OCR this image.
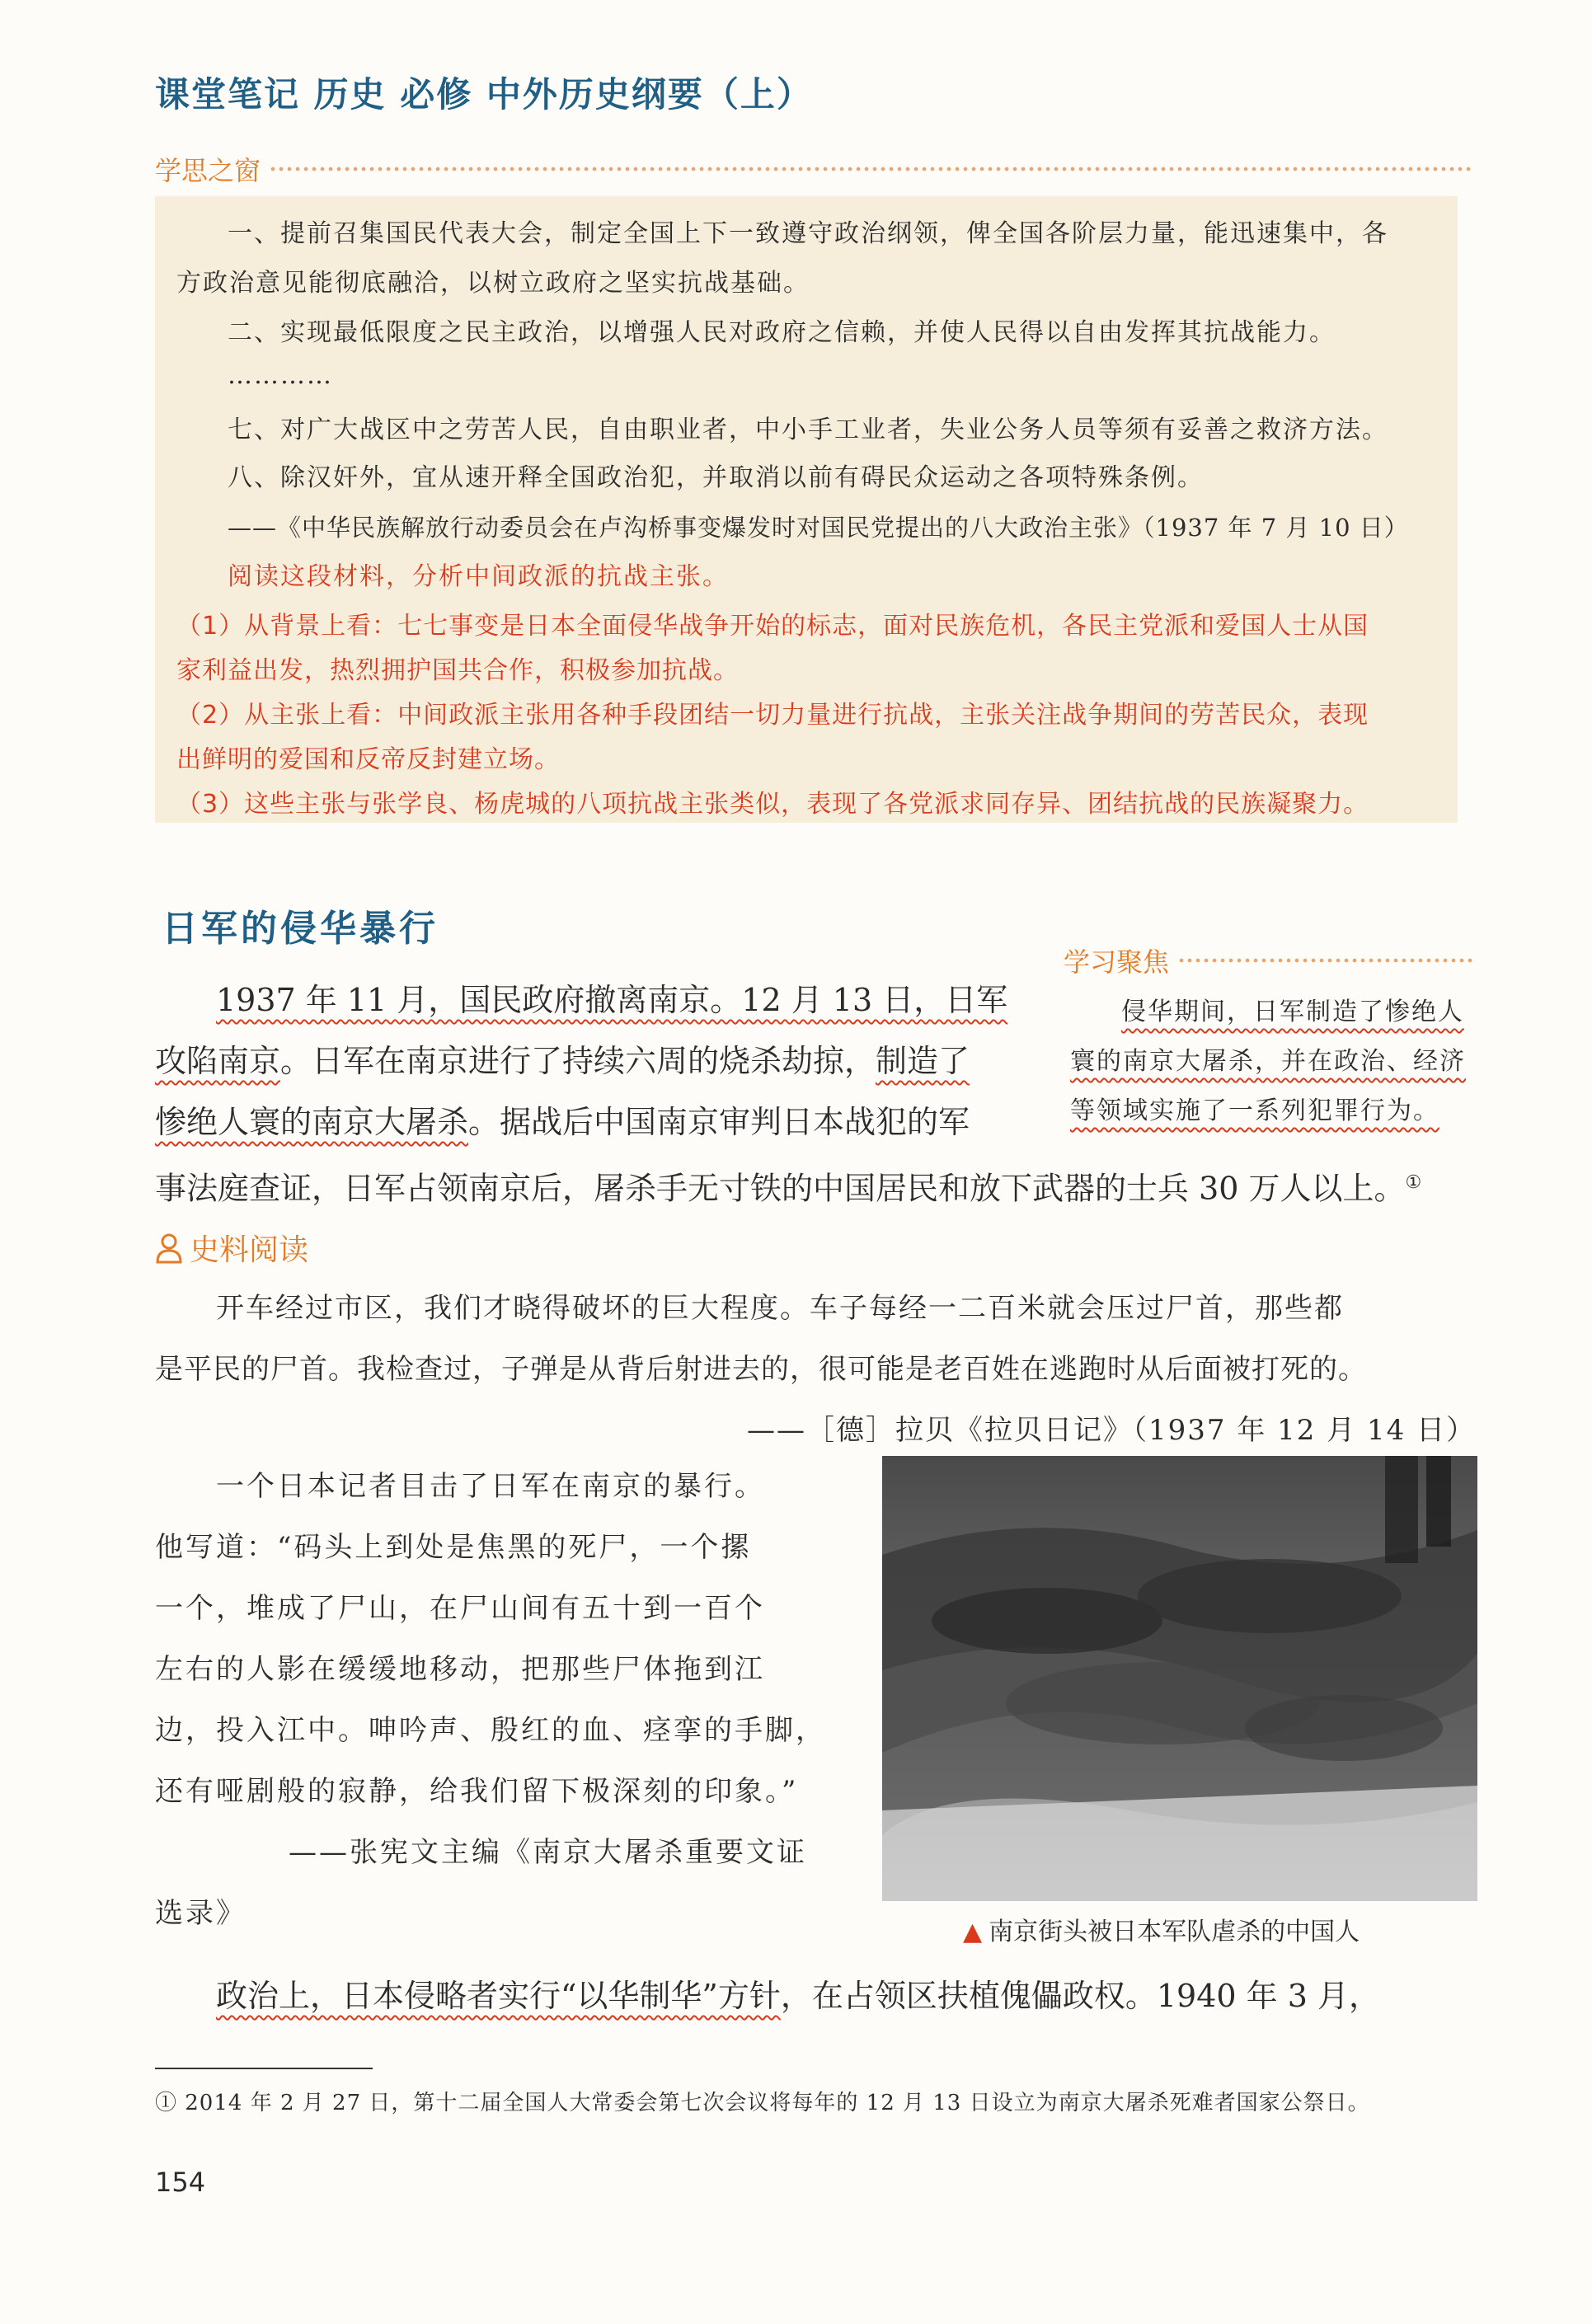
课堂笔记 历史 必修 中外历史纲要（上）
学思之窗

一、提前召集国民代表大会，制定全国上下一致遵守政治纲领，俾全国各阶层力量，能迅速集中，各

方政治意见能彻底融洽，以树立政府之坚实抗战基础。

二、实现最低限度之民主政治，以增强人民对政府之信赖，并使人民得以自由发挥其抗战能力。

…………

七、对广大战区中之劳苦人民，自由职业者，中小手工业者，失业公务人员等须有妥善之救济方法。

八、除汉奸外，宜从速开释全国政治犯，并取消以前有碍民众运动之各项特殊条例。

——《中华民族解放行动委员会在卢沟桥事变爆发时对国民党提出的八大政治主张》（1937 年 7 月 10 日）

阅读这段材料，分析中间政派的抗战主张。

（1）从背景上看：七七事变是日本全面侵华战争开始的标志，面对民族危机，各民主党派和爱国人士从国

家利益出发，热烈拥护国共合作，积极参加抗战。

（2）从主张上看：中间政派主张用各种手段团结一切力量进行抗战，主张关注战争期间的劳苦民众，表现

出鲜明的爱国和反帝反封建立场。

（3）这些主张与张学良、杨虎城的八项抗战主张类似，表现了各党派求同存异、团结抗战的民族凝聚力。

日军的侵华暴行
学习聚焦

侵华期间，日军制造了惨绝人
寰的南京大屠杀，并在政治、经济
等领域实施了一系列犯罪行为。

1937 年 11 月，国民政府撤离南京。12 月 13 日，日军

攻陷南京。日军在南京进行了持续六周的烧杀劫掠，制造了

惨绝人寰的南京大屠杀。据战后中国南京审判日本战犯的军

事法庭查证，日军占领南京后，屠杀手无寸铁的中国居民和放下武器的士兵 30 万人以上。①

史料阅读

开车经过市区，我们才晓得破坏的巨大程度。车子每经一二百米就会压过尸首，那些都

是平民的尸首。我检查过，子弹是从背后射进去的，很可能是老百姓在逃跑时从后面被打死的。

——［德］拉贝《拉贝日记》（1937 年 12 月 14 日）

一个日本记者目击了日军在南京的暴行。

他写道：“码头上到处是焦黑的死尸，一个摞

一个，堆成了尸山，在尸山间有五十到一百个

左右的人影在缓缓地移动，把那些尸体拖到江

边，投入江中。呻吟声、殷红的血、痉挛的手脚，

还有哑剧般的寂静，给我们留下极深刻的印象。”

——张宪文主编《南京大屠杀重要文证

选录》

▲ 南京街头被日本军队虐杀的中国人

政治上，日本侵略者实行“以华制华”方针，在占领区扶植傀儡政权。1940 年 3 月，

① 2014 年 2 月 27 日，第十二届全国人大常委会第七次会议将每年的 12 月 13 日设立为南京大屠杀死难者国家公祭日。
154
